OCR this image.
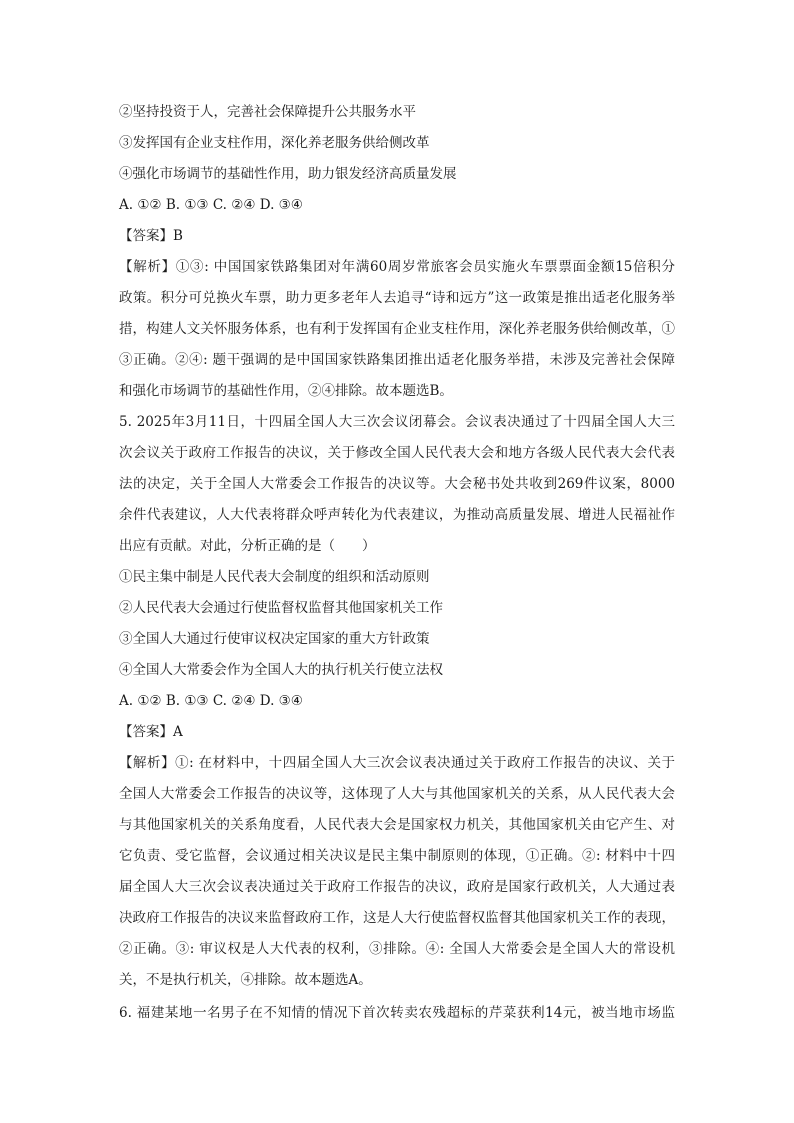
②坚持投资于人，完善社会保障提升公共服务水平
③发挥国有企业支柱作用，深化养老服务供给侧改革
④强化市场调节的基础性作用，助力银发经济高质量发展
A. ①② B. ①③ C. ②④ D. ③④
【答案】B
【解析】①③: 中国国家铁路集团对年满60周岁常旅客会员实施火车票票面金额15倍积分
政策。积分可兑换火车票，助力更多老年人去追寻“诗和远方”这一政策是推出适老化服务举
措，构建人文关怀服务体系，也有利于发挥国有企业支柱作用，深化养老服务供给侧改革，①
③正确。②④: 题干强调的是中国国家铁路集团推出适老化服务举措，未涉及完善社会保障
和强化市场调节的基础性作用，②④排除。故本题选B。
5. 2025年3月11日，十四届全国人大三次会议闭幕会。会议表决通过了十四届全国人大三
次会议关于政府工作报告的决议，关于修改全国人民代表大会和地方各级人民代表大会代表
法的决定，关于全国人大常委会工作报告的决议等。大会秘书处共收到269件议案，8000
余件代表建议，人大代表将群众呼声转化为代表建议，为推动高质量发展、增进人民福祉作
出应有贡献。对此，分析正确的是（　　）
①民主集中制是人民代表大会制度的组织和活动原则
②人民代表大会通过行使监督权监督其他国家机关工作
③全国人大通过行使审议权决定国家的重大方针政策
④全国人大常委会作为全国人大的执行机关行使立法权
A. ①② B. ①③ C. ②④ D. ③④
【答案】A
【解析】①: 在材料中，十四届全国人大三次会议表决通过关于政府工作报告的决议、关于
全国人大常委会工作报告的决议等，这体现了人大与其他国家机关的关系，从人民代表大会
与其他国家机关的关系角度看，人民代表大会是国家权力机关，其他国家机关由它产生、对
它负责、受它监督，会议通过相关决议是民主集中制原则的体现，①正确。②: 材料中十四
届全国人大三次会议表决通过关于政府工作报告的决议，政府是国家行政机关，人大通过表
决政府工作报告的决议来监督政府工作，这是人大行使监督权监督其他国家机关工作的表现，
②正确。③: 审议权是人大代表的权利，③排除。④: 全国人大常委会是全国人大的常设机
关，不是执行机关，④排除。故本题选A。
6. 福建某地一名男子在不知情的情况下首次转卖农残超标的芹菜获利14元，被当地市场监
